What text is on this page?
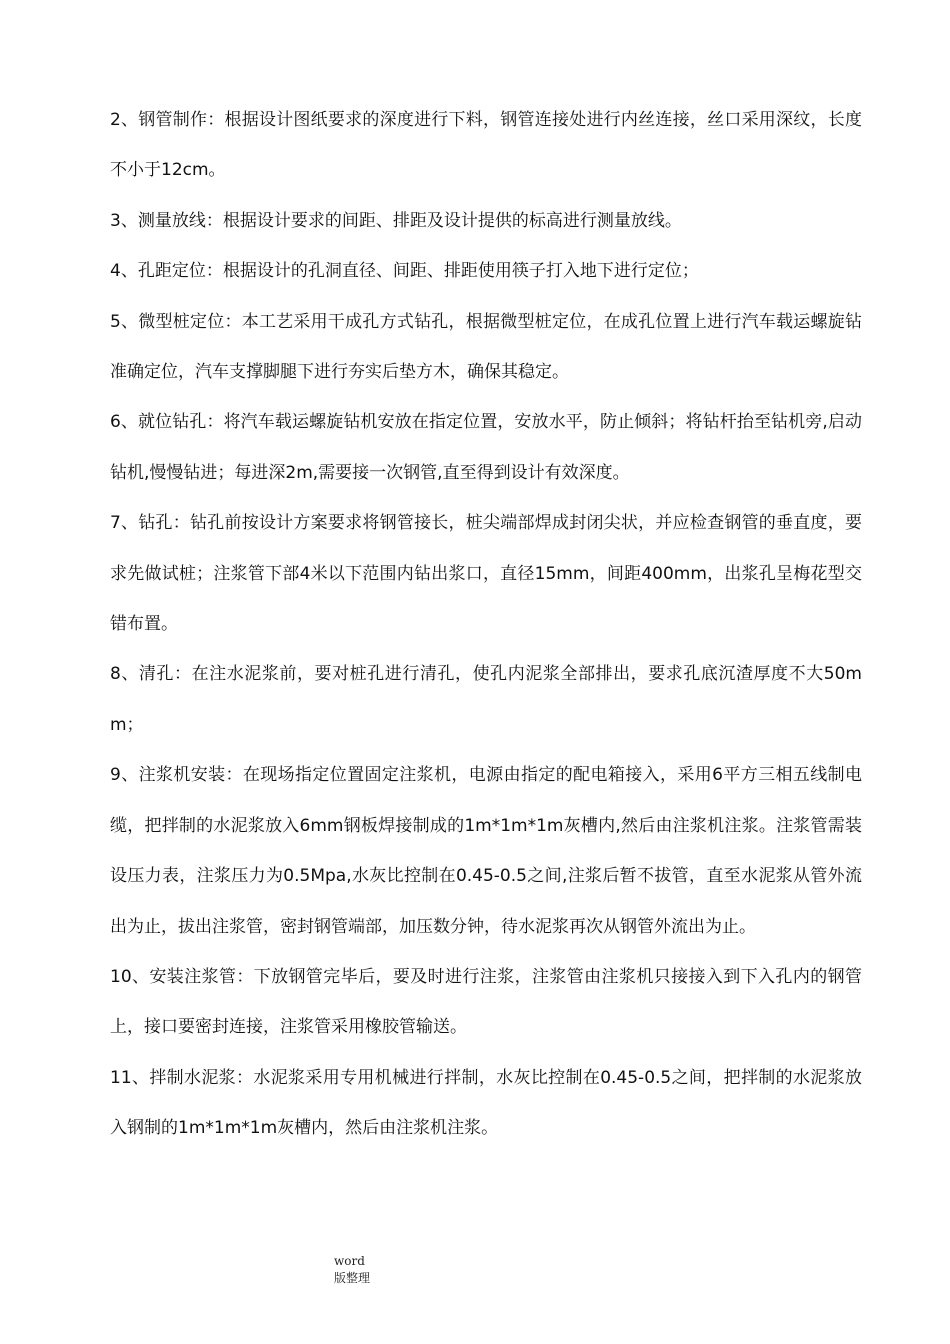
2、钢管制作：根据设计图纸要求的深度进行下料，钢管连接处进行内丝连接，丝口采用深纹，长度不小于12cm。

3、测量放线：根据设计要求的间距、排距及设计提供的标高进行测量放线。

4、孔距定位：根据设计的孔洞直径、间距、排距使用筷子打入地下进行定位；

5、微型桩定位：本工艺采用干成孔方式钻孔，根据微型桩定位，在成孔位置上进行汽车载运螺旋钻准确定位，汽车支撑脚腿下进行夯实后垫方木，确保其稳定。

6、就位钻孔：将汽车载运螺旋钻机安放在指定位置，安放水平，防止倾斜；将钻杆抬至钻机旁,启动钻机,慢慢钻进；每进深2m,需要接一次钢管,直至得到设计有效深度。

7、钻孔：钻孔前按设计方案要求将钢管接长，桩尖端部焊成封闭尖状，并应检查钢管的垂直度，要求先做试桩；注浆管下部4米以下范围内钻出浆口，直径15mm，间距400mm，出浆孔呈梅花型交错布置。

8、清孔：在注水泥浆前，要对桩孔进行清孔，使孔内泥浆全部排出，要求孔底沉渣厚度不大50mm；

9、注浆机安装：在现场指定位置固定注浆机，电源由指定的配电箱接入，采用6平方三相五线制电缆，把拌制的水泥浆放入6mm钢板焊接制成的1m*1m*1m灰槽内,然后由注浆机注浆。注浆管需装设压力表，注浆压力为0.5Mpa,水灰比控制在0.45-0.5之间,注浆后暂不拔管，直至水泥浆从管外流出为止，拔出注浆管，密封钢管端部，加压数分钟，待水泥浆再次从钢管外流出为止。

10、安装注浆管：下放钢管完毕后，要及时进行注浆，注浆管由注浆机只接接入到下入孔内的钢管上，接口要密封连接，注浆管采用橡胶管输送。

11、拌制水泥浆：水泥浆采用专用机械进行拌制，水灰比控制在0.45-0.5之间，把拌制的水泥浆放入钢制的1m*1m*1m灰槽内，然后由注浆机注浆。

word
版整理
